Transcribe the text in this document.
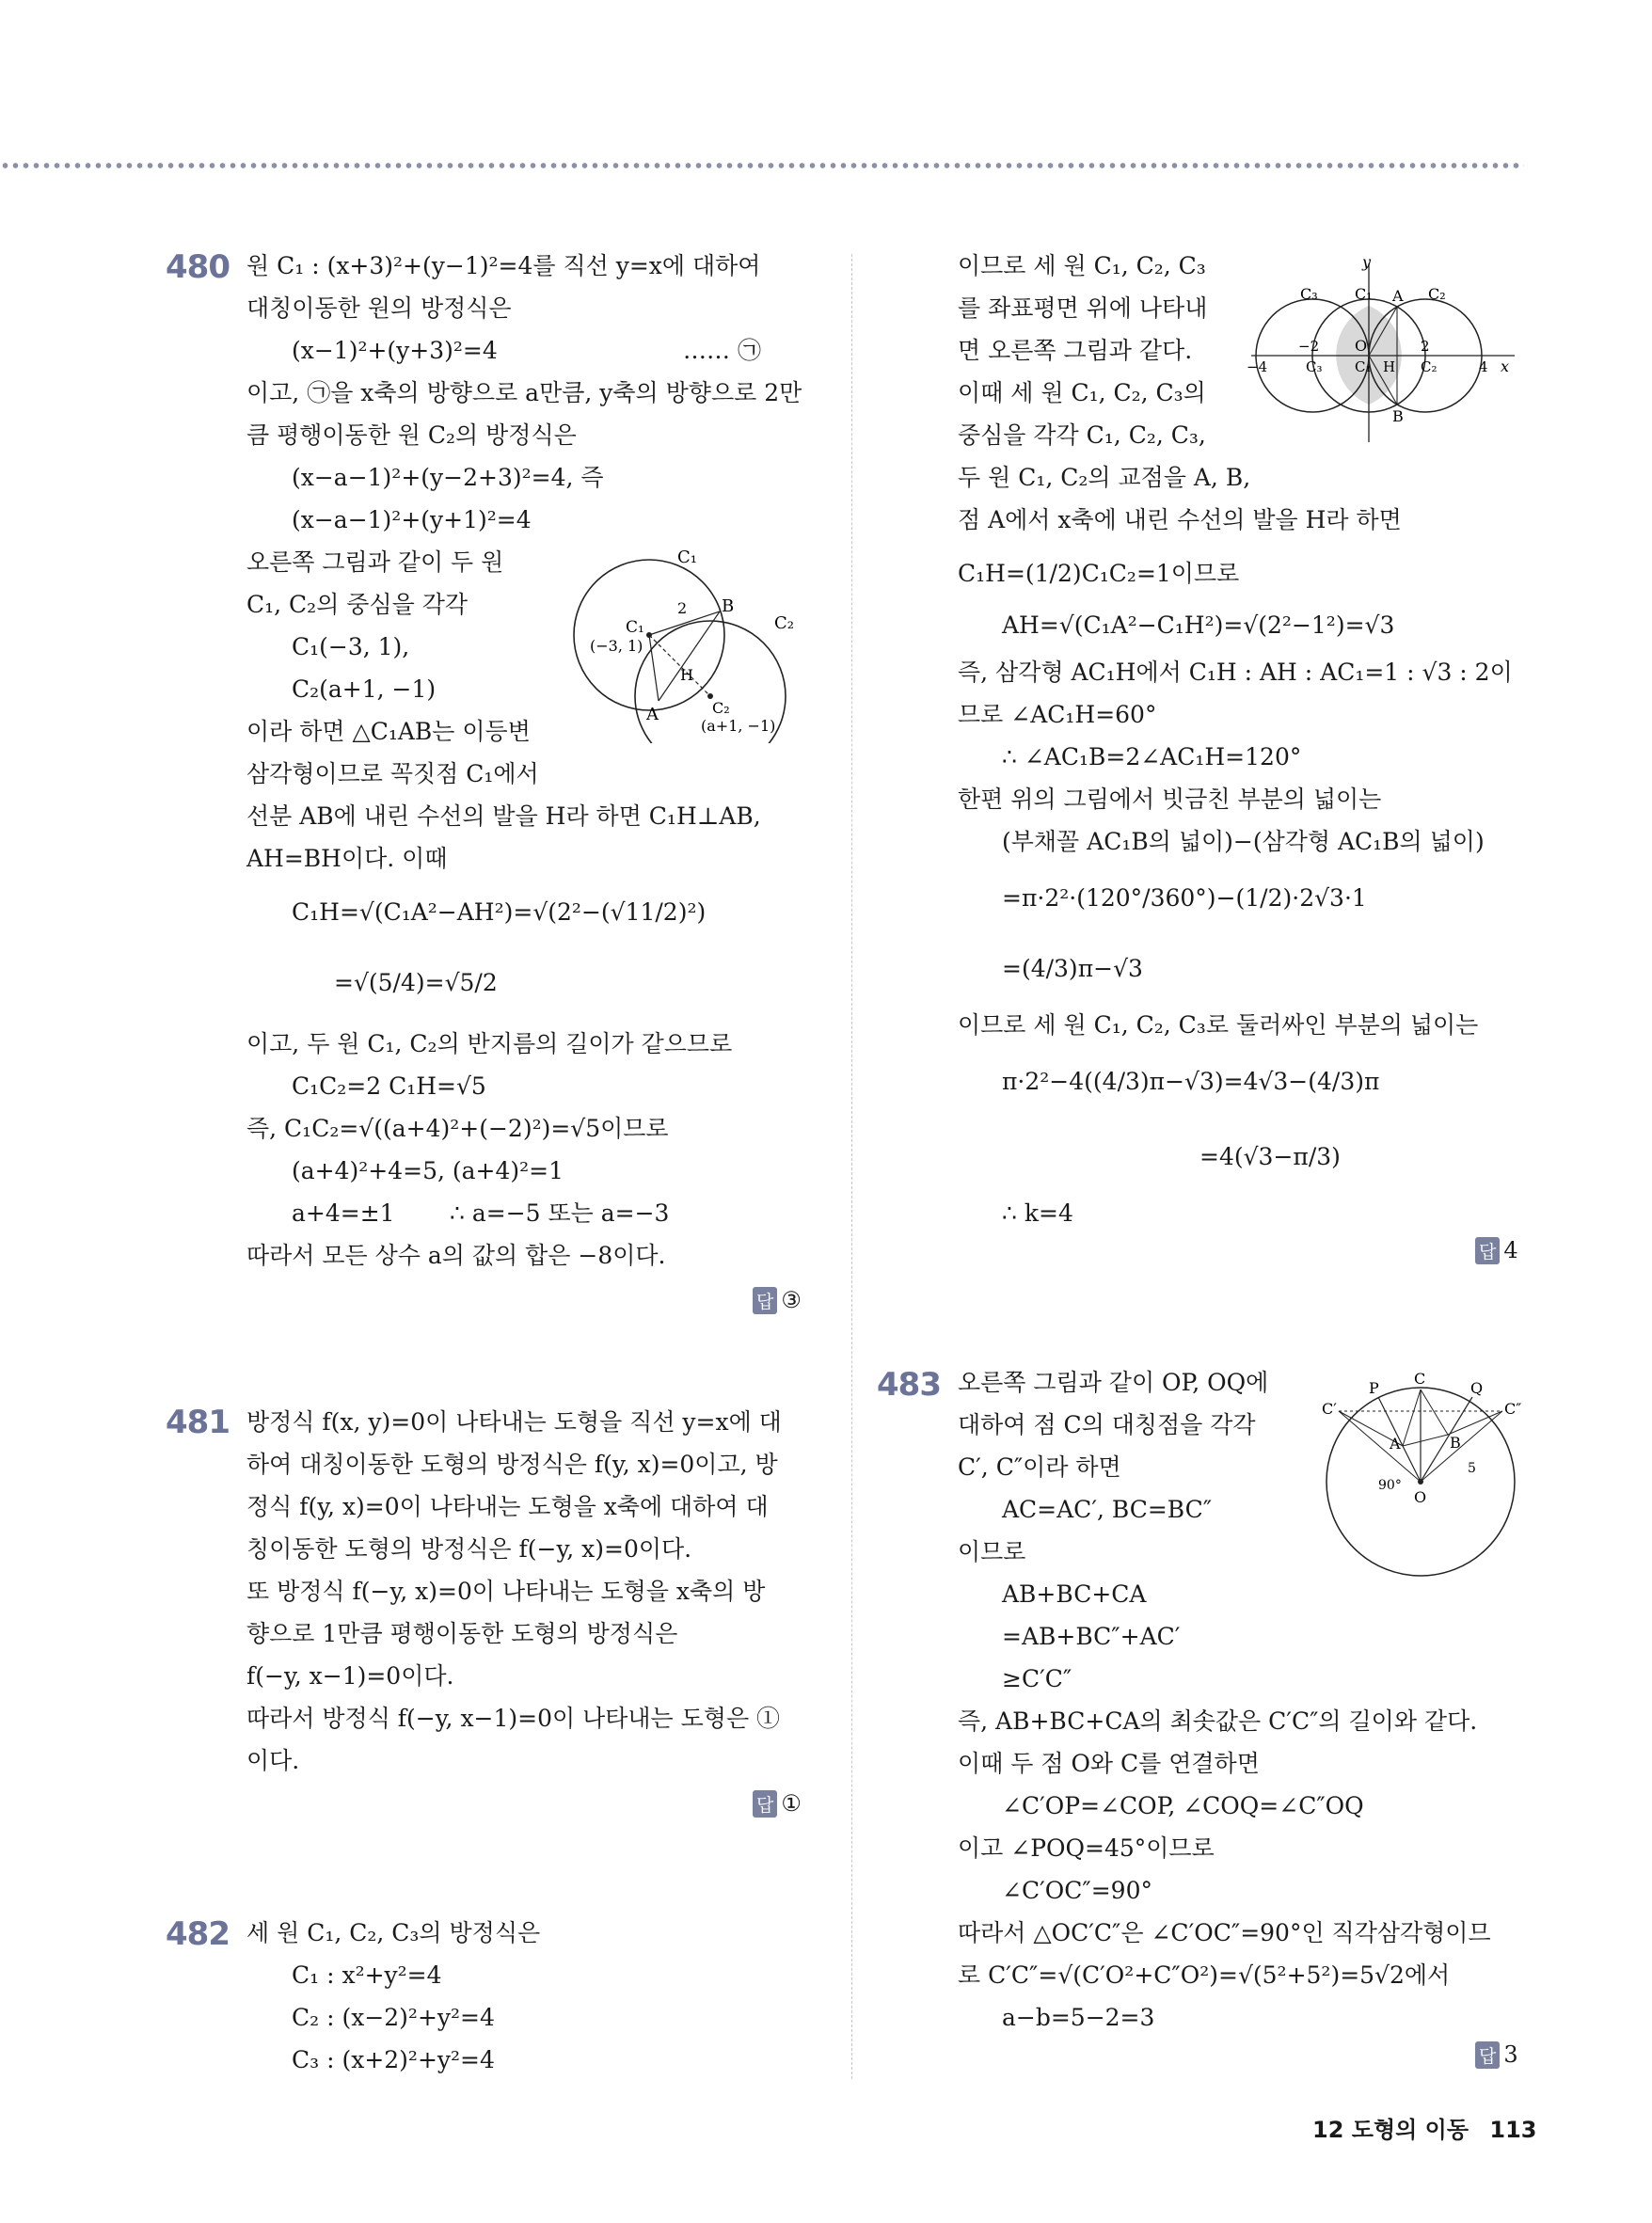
480 원 C₁ : (x+3)²+(y−1)²=4를 직선 y=x에 대하여
대칭이동한 원의 방정식은
(x−1)²+(y+3)²=4	…… ㉠
이고, ㉠을 x축의 방향으로 a만큼, y축의 방향으로 2만
큼 평행이동한 원 C₂의 방정식은
(x−a−1)²+(y−2+3)²=4, 즉
(x−a−1)²+(y+1)²=4
오른쪽 그림과 같이 두 원
C₁, C₂의 중심을 각각
C₁(−3, 1),
C₂(a+1, −1)
이라 하면 △C₁AB는 이등변
삼각형이므로 꼭짓점 C₁에서
선분 AB에 내린 수선의 발을 H라 하면 C₁H⊥AB,
AH=BH이다. 이때
C₁H=√(C₁A²−AH²)=√(2²−(√11/2)²)
=√(5/4)=√5/2
이고, 두 원 C₁, C₂의 반지름의 길이가 같으므로
C₁C₂=2 C₁H=√5
즉, C₁C₂=√((a+4)²+(−2)²)=√5이므로
(a+4)²+4=5, (a+4)²=1
a+4=±1 ∴ a=−5 또는 a=−3
따라서 모든 상수 a의 값의 합은 −8이다.
C₁
C₂
B
A
H
C₁
(−3, 1)
C₂
(a+1, −1)
2
답 ③
481 방정식 f(x, y)=0이 나타내는 도형을 직선 y=x에 대
하여 대칭이동한 도형의 방정식은 f(y, x)=0이고, 방
정식 f(y, x)=0이 나타내는 도형을 x축에 대하여 대
칭이동한 도형의 방정식은 f(−y, x)=0이다.
또 방정식 f(−y, x)=0이 나타내는 도형을 x축의 방
향으로 1만큼 평행이동한 도형의 방정식은
f(−y, x−1)=0이다.
따라서 방정식 f(−y, x−1)=0이 나타내는 도형은 ①
이다.
답 ①
482 세 원 C₁, C₂, C₃의 방정식은
C₁ : x²+y²=4
C₂ : (x−2)²+y²=4
C₃ : (x+2)²+y²=4
이므로 세 원 C₁, C₂, C₃
를 좌표평면 위에 나타내
면 오른쪽 그림과 같다.
이때 세 원 C₁, C₂, C₃의
중심을 각각 C₁, C₂, C₃,
두 원 C₁, C₂의 교점을 A, B,
점 A에서 x축에 내린 수선의 발을 H라 하면
C₁H=(1/2)C₁C₂=1이므로
AH=√(C₁A²−C₁H²)=√(2²−1²)=√3
즉, 삼각형 AC₁H에서 C₁H : AH : AC₁=1 : √3 : 2이
므로 ∠AC₁H=60°
∴ ∠AC₁B=2∠AC₁H=120°
한편 위의 그림에서 빗금친 부분의 넓이는
(부채꼴 AC₁B의 넓이)−(삼각형 AC₁B의 넓이)
=π·2²·(120°/360°)−(1/2)·2√3·1
=(4/3)π−√3
이므로 세 원 C₁, C₂, C₃로 둘러싸인 부분의 넓이는
π·2²−4((4/3)π−√3)=4√3−(4/3)π
=4(√3−π/3)
∴ k=4
y
C₃ C₁ A C₂
−2 O	2
−4	C₃ C₁ H C₂	4 x
B
답 4
483 오른쪽 그림과 같이 OP, OQ에
대하여 점 C의 대칭점을 각각
C′, C″이라 하면
AC=AC′, BC=BC″
이므로
AB+BC+CA
=AB+BC″+AC′
≥C′C″
즉, AB+BC+CA의 최솟값은 C′C″의 길이와 같다.
이때 두 점 O와 C를 연결하면
∠C′OP=∠COP, ∠COQ=∠C″OQ
이고 ∠POQ=45°이므로
∠C′OC″=90°
따라서 △OC′C″은 ∠C′OC″=90°인 직각삼각형이므
로 C′C″=√(C′O²+C″O²)=√(5²+5²)=5√2에서
a−b=5−2=3
P
C
Q
C′	C″
A	B
90°
O
5
답 3
12 도형의 이동 113
